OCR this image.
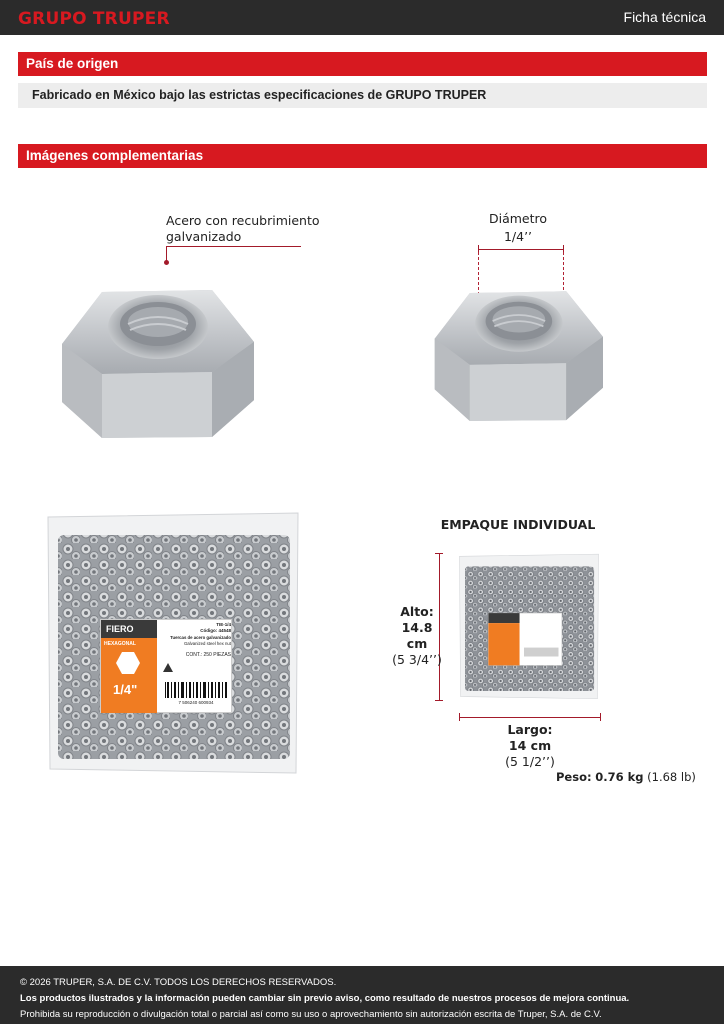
GRUPO TRUPER	Ficha técnica
País de origen
Fabricado en México bajo las estrictas especificaciones de GRUPO TRUPER
Imágenes complementarias
Acero con recubrimiento
galvanizado
Diámetro
1/4’’
FIERO	TIE-1/4
Código: 44548
Tuercas de acero galvanizado
Galvanized steel hex nut
HEXAGONAL
1/4"
CONT.: 250 PIEZAS
7 506240 600934
EMPAQUE INDIVIDUAL
Alto:
14.8 cm
(5 3/4’’)
Largo:
14 cm
(5 1/2’’)
Peso: 0.76 kg (1.68 lb)
© 2026 TRUPER, S.A. DE C.V. TODOS LOS DERECHOS RESERVADOS.
Los productos ilustrados y la información pueden cambiar sin previo aviso, como resultado de nuestros procesos de mejora continua.
Prohibida su reproducción o divulgación total o parcial así como su uso o aprovechamiento sin autorización escrita de Truper, S.A. de C.V.
